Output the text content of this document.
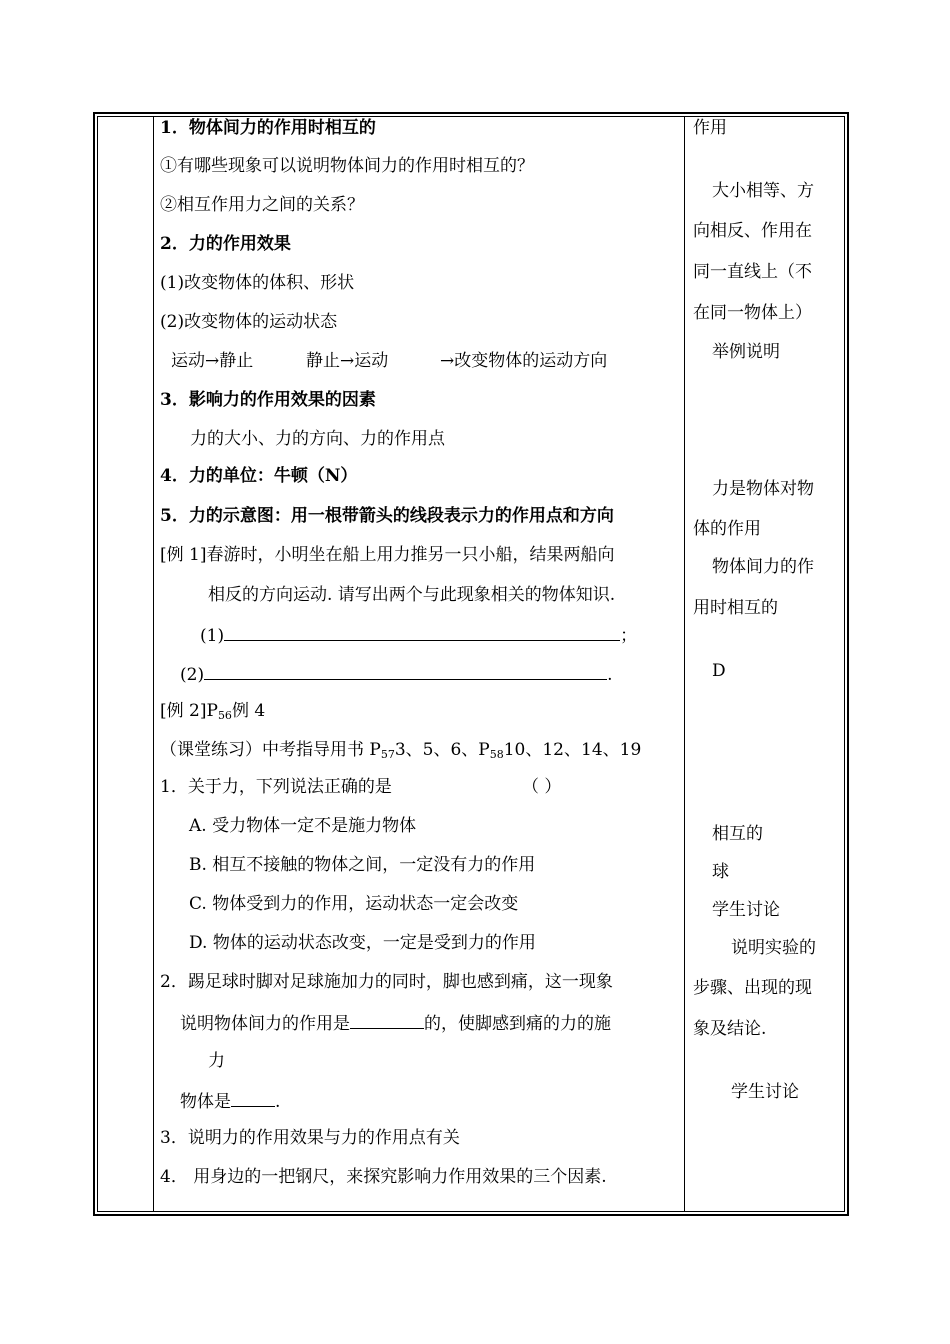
1．物体间力的作用时相互的
①有哪些现象可以说明物体间力的作用时相互的？
②相互作用力之间的关系？
2．力的作用效果
(1)改变物体的体积、形状
(2)改变物体的运动状态
运动→静止	静止→运动	→改变物体的运动方向
3．影响力的作用效果的因素
力的大小、力的方向、力的作用点
4．力的单位：牛顿（N）
5．力的示意图：用一根带箭头的线段表示力的作用点和方向
[例 1]春游时，小明坐在船上用力推另一只小船，结果两船向
相反的方向运动. 请写出两个与此现象相关的物体知识.
(1)	；
(2)	.
[例 $2]P_{56}$例 4
（课堂练习）中考指导用书 $P_{57}3$、5、6、$P_{58}10$、12、14、19
1．关于力，下列说法正确的是	（ ）
A. 受力物体一定不是施力物体
B. 相互不接触的物体之间，一定没有力的作用
C. 物体受到力的作用，运动状态一定会改变
D. 物体的运动状态改变，一定是受到力的作用
2．踢足球时脚对足球施加力的同时，脚也感到痛，这一现象
说明物体间力的作用是	的，使脚感到痛的力的施
力
物体是	.
3．说明力的作用效果与力的作用点有关
4． 用身边的一把钢尺，来探究影响力作用效果的三个因素.
作用
大小相等、方
向相反、作用在
同一直线上（不
在同一物体上）
举例说明
力是物体对物
体的作用
物体间力的作
用时相互的
D
相互的
球
学生讨论
说明实验的
步骤、出现的现
象及结论.
学生讨论
